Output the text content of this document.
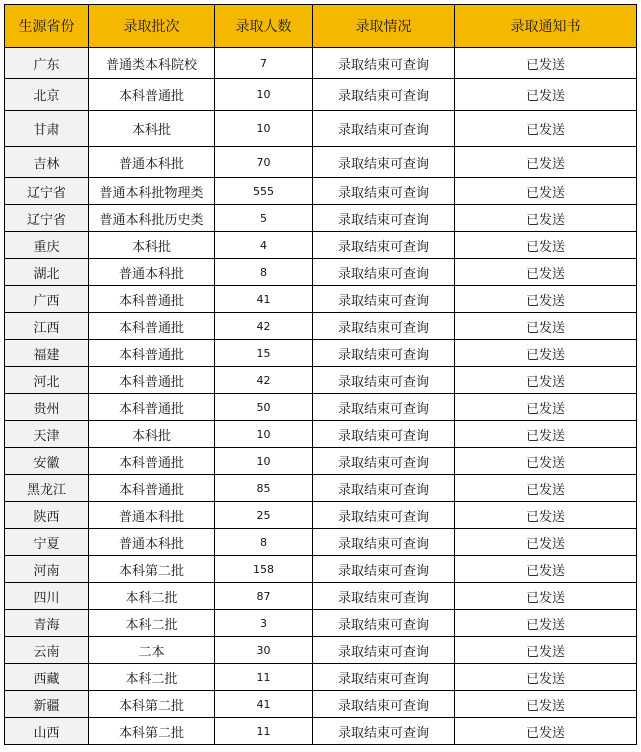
生源省份	录取批次	录取人数	录取情况	录取通知书
广东	普通类本科院校	7	录取结束可查询	已发送
北京	本科普通批	10	录取结束可查询	已发送
甘肃	本科批	10	录取结束可查询	已发送
吉林	普通本科批	70	录取结束可查询	已发送
辽宁省	普通本科批物理类	555	录取结束可查询	已发送
辽宁省	普通本科批历史类	5	录取结束可查询	已发送
重庆	本科批	4	录取结束可查询	已发送
湖北	普通本科批	8	录取结束可查询	已发送
广西	本科普通批	41	录取结束可查询	已发送
江西	本科普通批	42	录取结束可查询	已发送
福建	本科普通批	15	录取结束可查询	已发送
河北	本科普通批	42	录取结束可查询	已发送
贵州	本科普通批	50	录取结束可查询	已发送
天津	本科批	10	录取结束可查询	已发送
安徽	本科普通批	10	录取结束可查询	已发送
黑龙江	本科普通批	85	录取结束可查询	已发送
陕西	普通本科批	25	录取结束可查询	已发送
宁夏	普通本科批	8	录取结束可查询	已发送
河南	本科第二批	158	录取结束可查询	已发送
四川	本科二批	87	录取结束可查询	已发送
青海	本科二批	3	录取结束可查询	已发送
云南	二本	30	录取结束可查询	已发送
西藏	本科二批	11	录取结束可查询	已发送
新疆	本科第二批	41	录取结束可查询	已发送
山西	本科第二批	11	录取结束可查询	已发送
